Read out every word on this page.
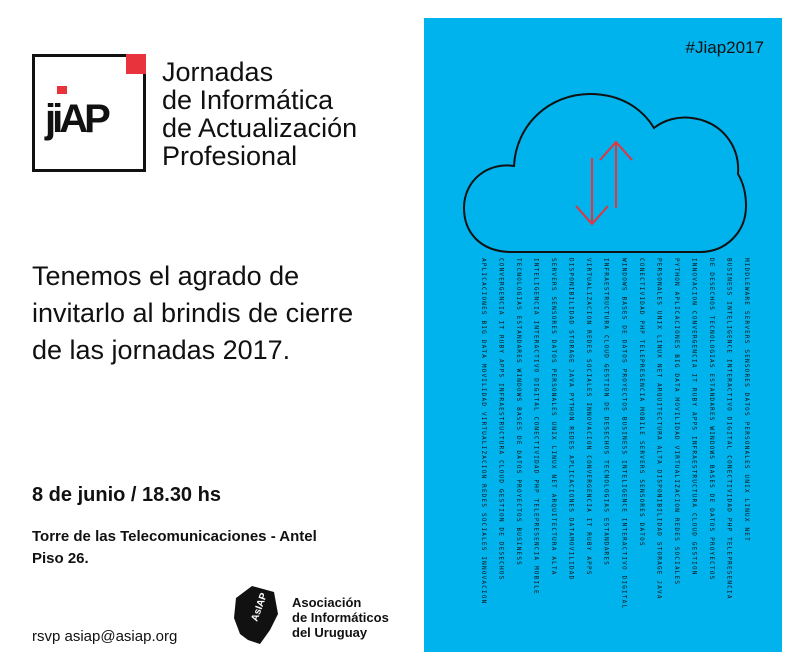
jiAP
Jornadas
de Informática
de Actualización
Profesional
Tenemos el agrado de
invitarlo al brindis de cierre
de las jornadas 2017.
8 de junio / 18.30 hs
Torre de las Telecomunicaciones - Antel
Piso 26.
rsvp asiap@asiap.org
AsIAP Asociación
de Informáticos
del Uruguay
#Jiap2017
APLICACIONES BIG DATA MOVILIDAD VIRTUALIZACION REDES SOCIALES INNOVACION CONVERGENCIA IT RUBY APPS INFRAESTRUCTURA CLOUD GESTION DE DESECHOS TECNOLOGIAS ESTANDARES WINDOWS BASES DE DATOS PROYECTOS BUSINESS INTELIGENCIA INTERACTIVO DIGITAL CONECTIVIDAD PHP TELEPRESENCIA MOBILE SERVERS SENSORES DATOS PERSONALES UNIX LINUX NET ARQUITECTURA ALTA DISPONIBILIDAD STORAGE JAVA PYTHON REDES APLICACIONES DATAMOVILIDAD VIRTUALIZACION REDES SOCIALES INNOVACION CONVERGENCIA IT RUBY APPS INFRAESTRUCTURA CLOUD GESTION DE DESECHOS TECNOLOGIAS ESTANDARES WINDOWS BASES DE DATOS PROYECTOS BUSINESS INTELIGENCE INTERACTIVO DIGITAL CONECTIVIDAD PHP TELEPRESENCIA MOBILE SERVERS SENSORES DATOS PERSONALES UNIX LINUX NET ARQUITECTURA ALTA DISPONIBILIDAD STORAGE JAVA PYTHON APLICACIONES BIG DATA MOVILIDAD VIRTUALIZACION REDES SOCIALES INNOVACION CONVERGENCIA IT RUBY APPS INFRAESTRUCTURA CLOUD GESTION DE DESECHOS TECNOLOGIAS ESTANDARES WINDOWS BASES DE DATOS PROYECTOS BUSINESS INTELIGENCE INTERACTIVO DIGITAL CONECTIVIDAD PHP TELEPRESENCIA MIDDLEWARE SERVERS SENSORES DATOS PERSONALES UNIX LINUX NET
